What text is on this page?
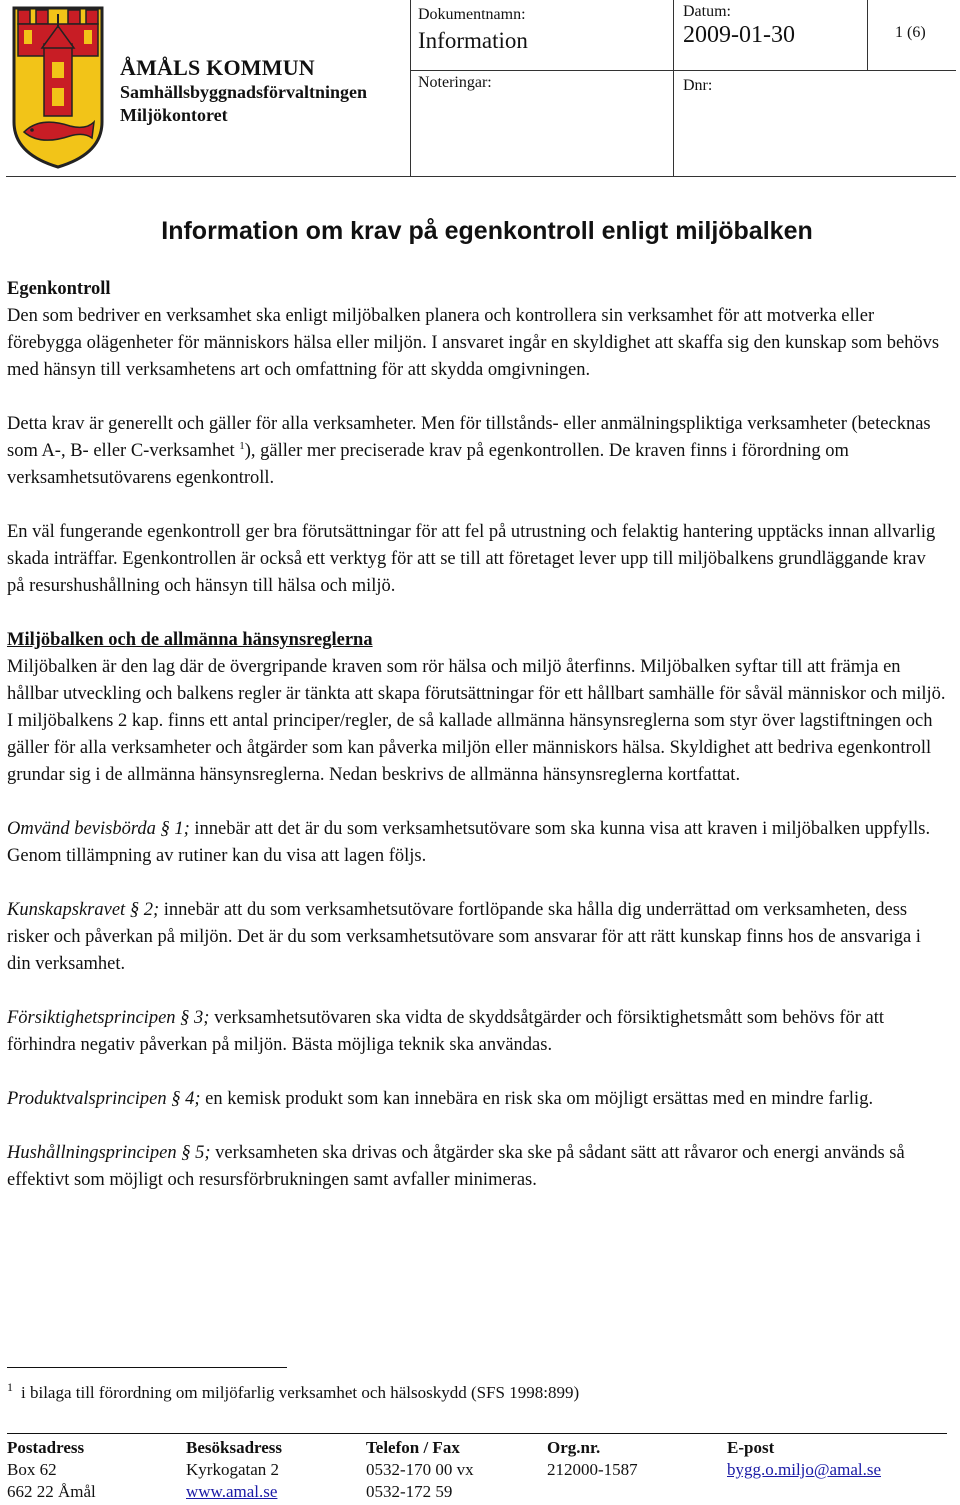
ÅMÅLS KOMMUN
Samhällsbyggnadsförvaltningen
Miljökontoret
Dokumentnamn:
Information
Noteringar:
Datum:
2009-01-30
Dnr:
1 (6)
Information om krav på egenkontroll enligt miljöbalken
Egenkontroll

Den som bedriver en verksamhet ska enligt miljöbalken planera och kontrollera sin verksamhet för att motverka eller förebygga olägenheter för människors hälsa eller miljön. I ansvaret ingår en skyldighet att skaffa sig den kunskap som behövs med hänsyn till verksamhetens art och omfattning för att skydda omgivningen.

Detta krav är generellt och gäller för alla verksamheter. Men för tillstånds- eller anmälningspliktiga verksamheter (betecknas som A-, B- eller C-verksamhet $^1$), gäller mer preciserade krav på egenkontrollen. De kraven finns i förordning om verksamhetsutövarens egenkontroll.

En väl fungerande egenkontroll ger bra förutsättningar för att fel på utrustning och felaktig hantering upptäcks innan allvarlig skada inträffar. Egenkontrollen är också ett verktyg för att se till att företaget lever upp till miljöbalkens grundläggande krav på resurshushållning och hänsyn till hälsa och miljö.

Miljöbalken och de allmänna hänsynsreglerna

Miljöbalken är den lag där de övergripande kraven som rör hälsa och miljö återfinns. Miljöbalken syftar till att främja en hållbar utveckling och balkens regler är tänkta att skapa förutsättningar för ett hållbart samhälle för såväl människor och miljö. I miljöbalkens 2 kap. finns ett antal principer/regler, de så kallade allmänna hänsynsreglerna som styr över lagstiftningen och gäller för alla verksamheter och åtgärder som kan påverka miljön eller människors hälsa. Skyldighet att bedriva egenkontroll grundar sig i de allmänna hänsynsreglerna. Nedan beskrivs de allmänna hänsynsreglerna kortfattat.

Omvänd bevisbörda § 1; innebär att det är du som verksamhetsutövare som ska kunna visa att kraven i miljöbalken uppfylls. Genom tillämpning av rutiner kan du visa att lagen följs.

Kunskapskravet § 2; innebär att du som verksamhetsutövare fortlöpande ska hålla dig underrättad om verksamheten, dess risker och påverkan på miljön. Det är du som verksamhetsutövare som ansvarar för att rätt kunskap finns hos de ansvariga i din verksamhet.

Försiktighetsprincipen § 3; verksamhetsutövaren ska vidta de skyddsåtgärder och försiktighetsmått som behövs för att förhindra negativ påverkan på miljön. Bästa möjliga teknik ska användas.

Produktvalsprincipen § 4; en kemisk produkt som kan innebära en risk ska om möjligt ersättas med en mindre farlig.

Hushållningsprincipen § 5; verksamheten ska drivas och åtgärder ska ske på sådant sätt att råvaror och energi används så effektivt som möjligt och resursförbrukningen samt avfaller minimeras.

$^1$ i bilaga till förordning om miljöfarlig verksamhet och hälsoskydd (SFS 1998:899)
Postadress
Box 62
662 22 Åmål
Besöksadress
Kyrkogatan 2
www.amal.se
Telefon / Fax
0532-170 00 vx
0532-172 59
Org.nr.
212000-1587
E-post
bygg.o.miljo@amal.se
